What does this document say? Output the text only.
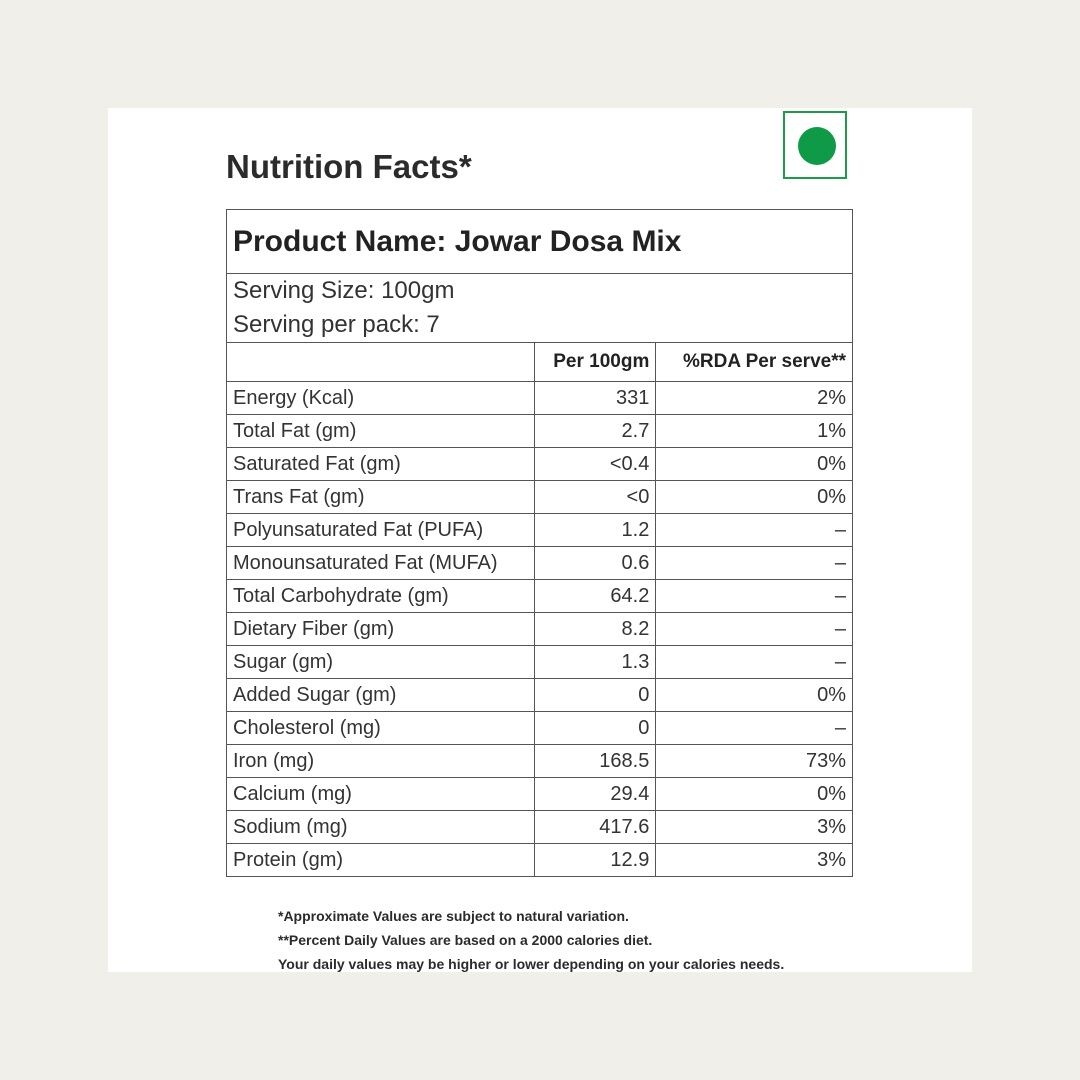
Nutrition Facts*
Product Name: Jowar Dosa Mix		

Serving Size: 100gm
Serving per pack: 7		

	Per 100gm	%RDA Per serve**
Energy (Kcal)	331	2%
Total Fat (gm)	2.7	1%
Saturated Fat (gm)	<0.4	0%
Trans Fat (gm)	<0	0%
Polyunsaturated Fat (PUFA)	1.2	–
Monounsaturated Fat (MUFA)	0.6	–
Total Carbohydrate (gm)	64.2	–
Dietary Fiber (gm)	8.2	–
Sugar (gm)	1.3	–
Added Sugar (gm)	0	0%
Cholesterol (mg)	0	–
Iron (mg)	168.5	73%
Calcium (mg)	29.4	0%
Sodium (mg)	417.6	3%
Protein (gm)	12.9	3%
*Approximate Values are subject to natural variation.
**Percent Daily Values are based on a 2000 calories diet.
Your daily values may be higher or lower depending on your calories needs.
